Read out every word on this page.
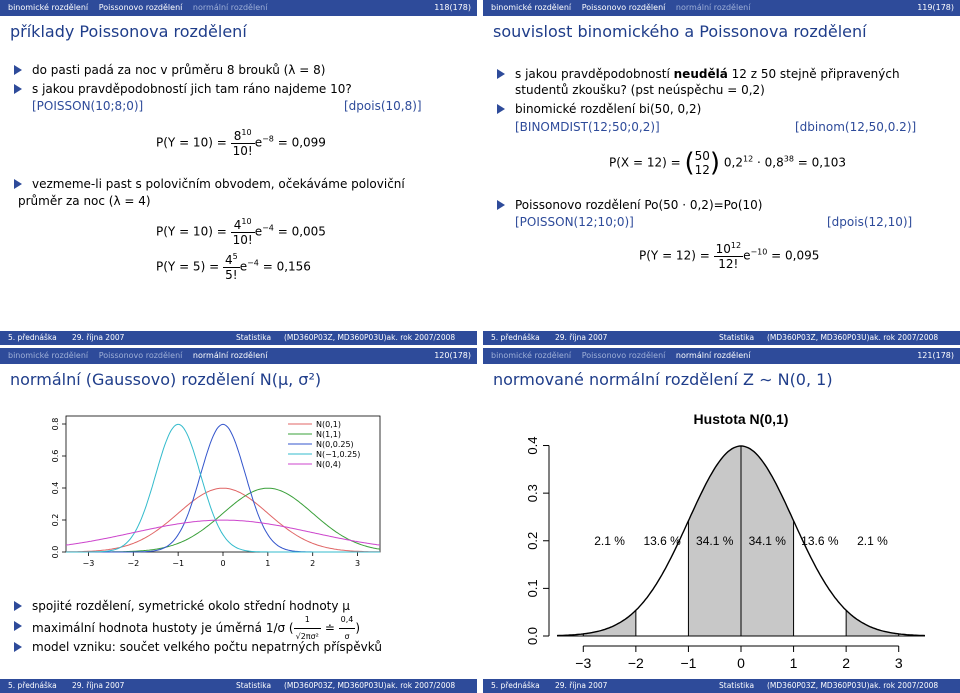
binomické rozdělení Poissonovo rozdělení normální rozdělení	118(178)
příklady Poissonova rozdělení
do pasti padá za noc v průměru 8 brouků (λ = 8)
s jakou pravděpodobností jich tam ráno najdeme 10?
[POISSON(10;8;0)]	[dpois(10,8)]
$P(Y = 10) = \frac{8^{10}}{10!} e^{-8} = 0,099$
vezmeme-li past s polovičním obvodem, očekáváme poloviční
průměr za noc (λ = 4)
$P(Y = 10) = \frac{4^{10}}{10!} e^{-4} = 0,005$
$P(Y = 5) = \frac{4^5}{5!} e^{-4} = 0,156$
5. přednáška 29. října 2007	Statistika (MD360P03Z, MD360P03U)ak. rok 2007/2008
binomické rozdělení Poissonovo rozdělení normální rozdělení	119(178)
souvislost binomického a Poissonova rozdělení
s jakou pravděpodobností neudělá 12 z 50 stejně připravených
studentů zkoušku? (pst neúspěchu = 0,2)
binomické rozdělení bi(50, 0,2)
[BINOMDIST(12;50;0,2)]	[dbinom(12,50,0.2)]
P(X = 12) = ( 50
12 ) $0,2^{12} \cdot 0,8^{38} = 0,103$
Poissonovo rozdělení Po(50 · 0,2)=Po(10)
[POISSON(12;10;0)]	[dpois(12,10)]
$P(Y = 12) = \frac{10^{12}}{12!} e^{-10} = 0,095$
5. přednáška 29. října 2007	Statistika (MD360P03Z, MD360P03U)ak. rok 2007/2008
binomické rozdělení Poissonovo rozdělení normální rozdělení	120(178)
normální (Gaussovo) rozdělení N(μ, σ²)
−3	−2	−1	0	1	2	3
0.0
0.2
0.4
0.6
0.8	N(0,1)
N(1,1)
N(0,0.25)
N(−1,0.25)
N(0,4)
spojité rozdělení, symetrické okolo střední hodnoty μ
maximální hodnota hustoty je úměrná 1/σ ( $\frac{1}{\text{√2πσ²}}$ ≐ $\frac{0,4}{\sigma}$ )
model vzniku: součet velkého počtu nepatrných příspěvků
5. přednáška 29. října 2007	Statistika (MD360P03Z, MD360P03U)ak. rok 2007/2008
binomické rozdělení Poissonovo rozdělení normální rozdělení	121(178)
normované normální rozdělení Z ∼ N(0, 1)
Hustota N(0,1)
2.1 % 13.6 % 34.1 % 34.1 % 13.6 % 2.1 %
0.0
0.1
0.2
0.3
0.4
−3	−2	−1	0	1	2	3
5. přednáška 29. října 2007	Statistika (MD360P03Z, MD360P03U)ak. rok 2007/2008
